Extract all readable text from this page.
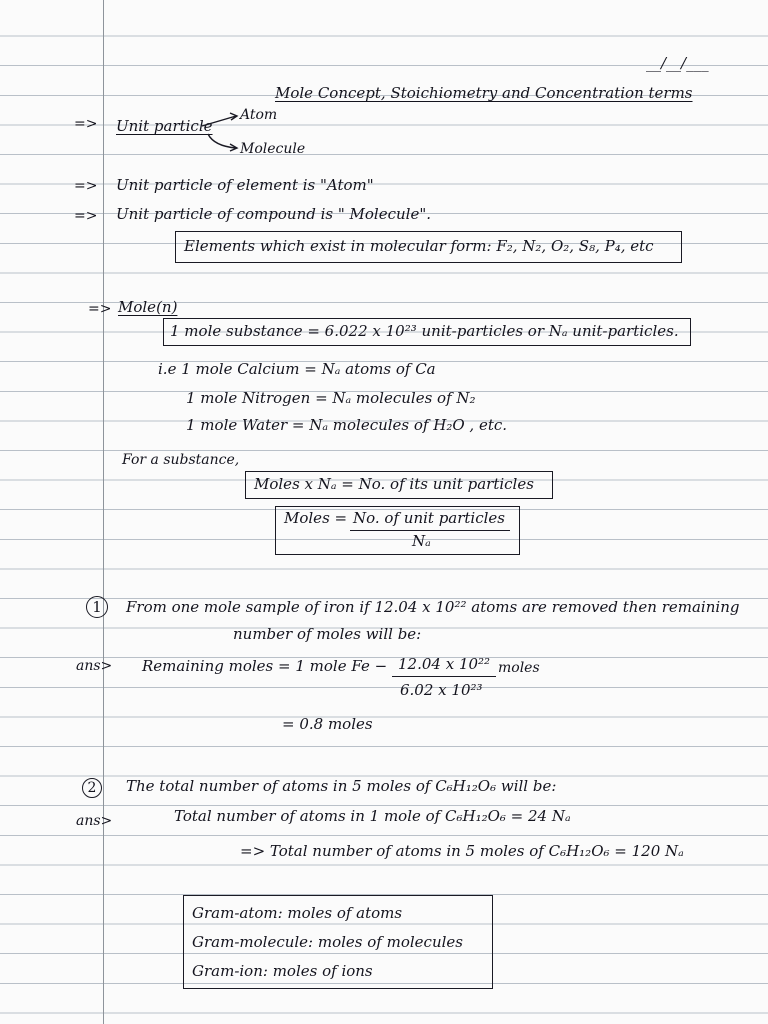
__/__/___
Mole Concept, Stoichiometry and Concentration terms
=> Unit particle
Atom
Molecule
=> Unit particle of element is "Atom"
=> Unit particle of compound is " Molecule".
Elements which exist in molecular form: F₂, N₂, O₂, S₈, P₄, etc
=> Mole(n)
1 mole substance = 6.022 x 10²³ unit-particles or Nₐ unit-particles.
i.e 1 mole Calcium = Nₐ atoms of Ca
1 mole Nitrogen = Nₐ molecules of N₂
1 mole Water = Nₐ molecules of H₂O , etc.
For a substance,
Moles x Nₐ = No. of its unit particles
Moles = No. of unit particles
Nₐ
1	From one mole sample of iron if 12.04 x 10²² atoms are removed then remaining
number of moles will be:
ans> Remaining moles = 1 mole Fe − 12.04 x 10²² moles
6.02 x 10²³
= 0.8 moles
2	The total number of atoms in 5 moles of C₆H₁₂O₆ will be:
ans>	Total number of atoms in 1 mole of C₆H₁₂O₆ = 24 Nₐ
=> Total number of atoms in 5 moles of C₆H₁₂O₆ = 120 Nₐ
Gram-atom: moles of atoms
Gram-molecule: moles of molecules
Gram-ion: moles of ions
